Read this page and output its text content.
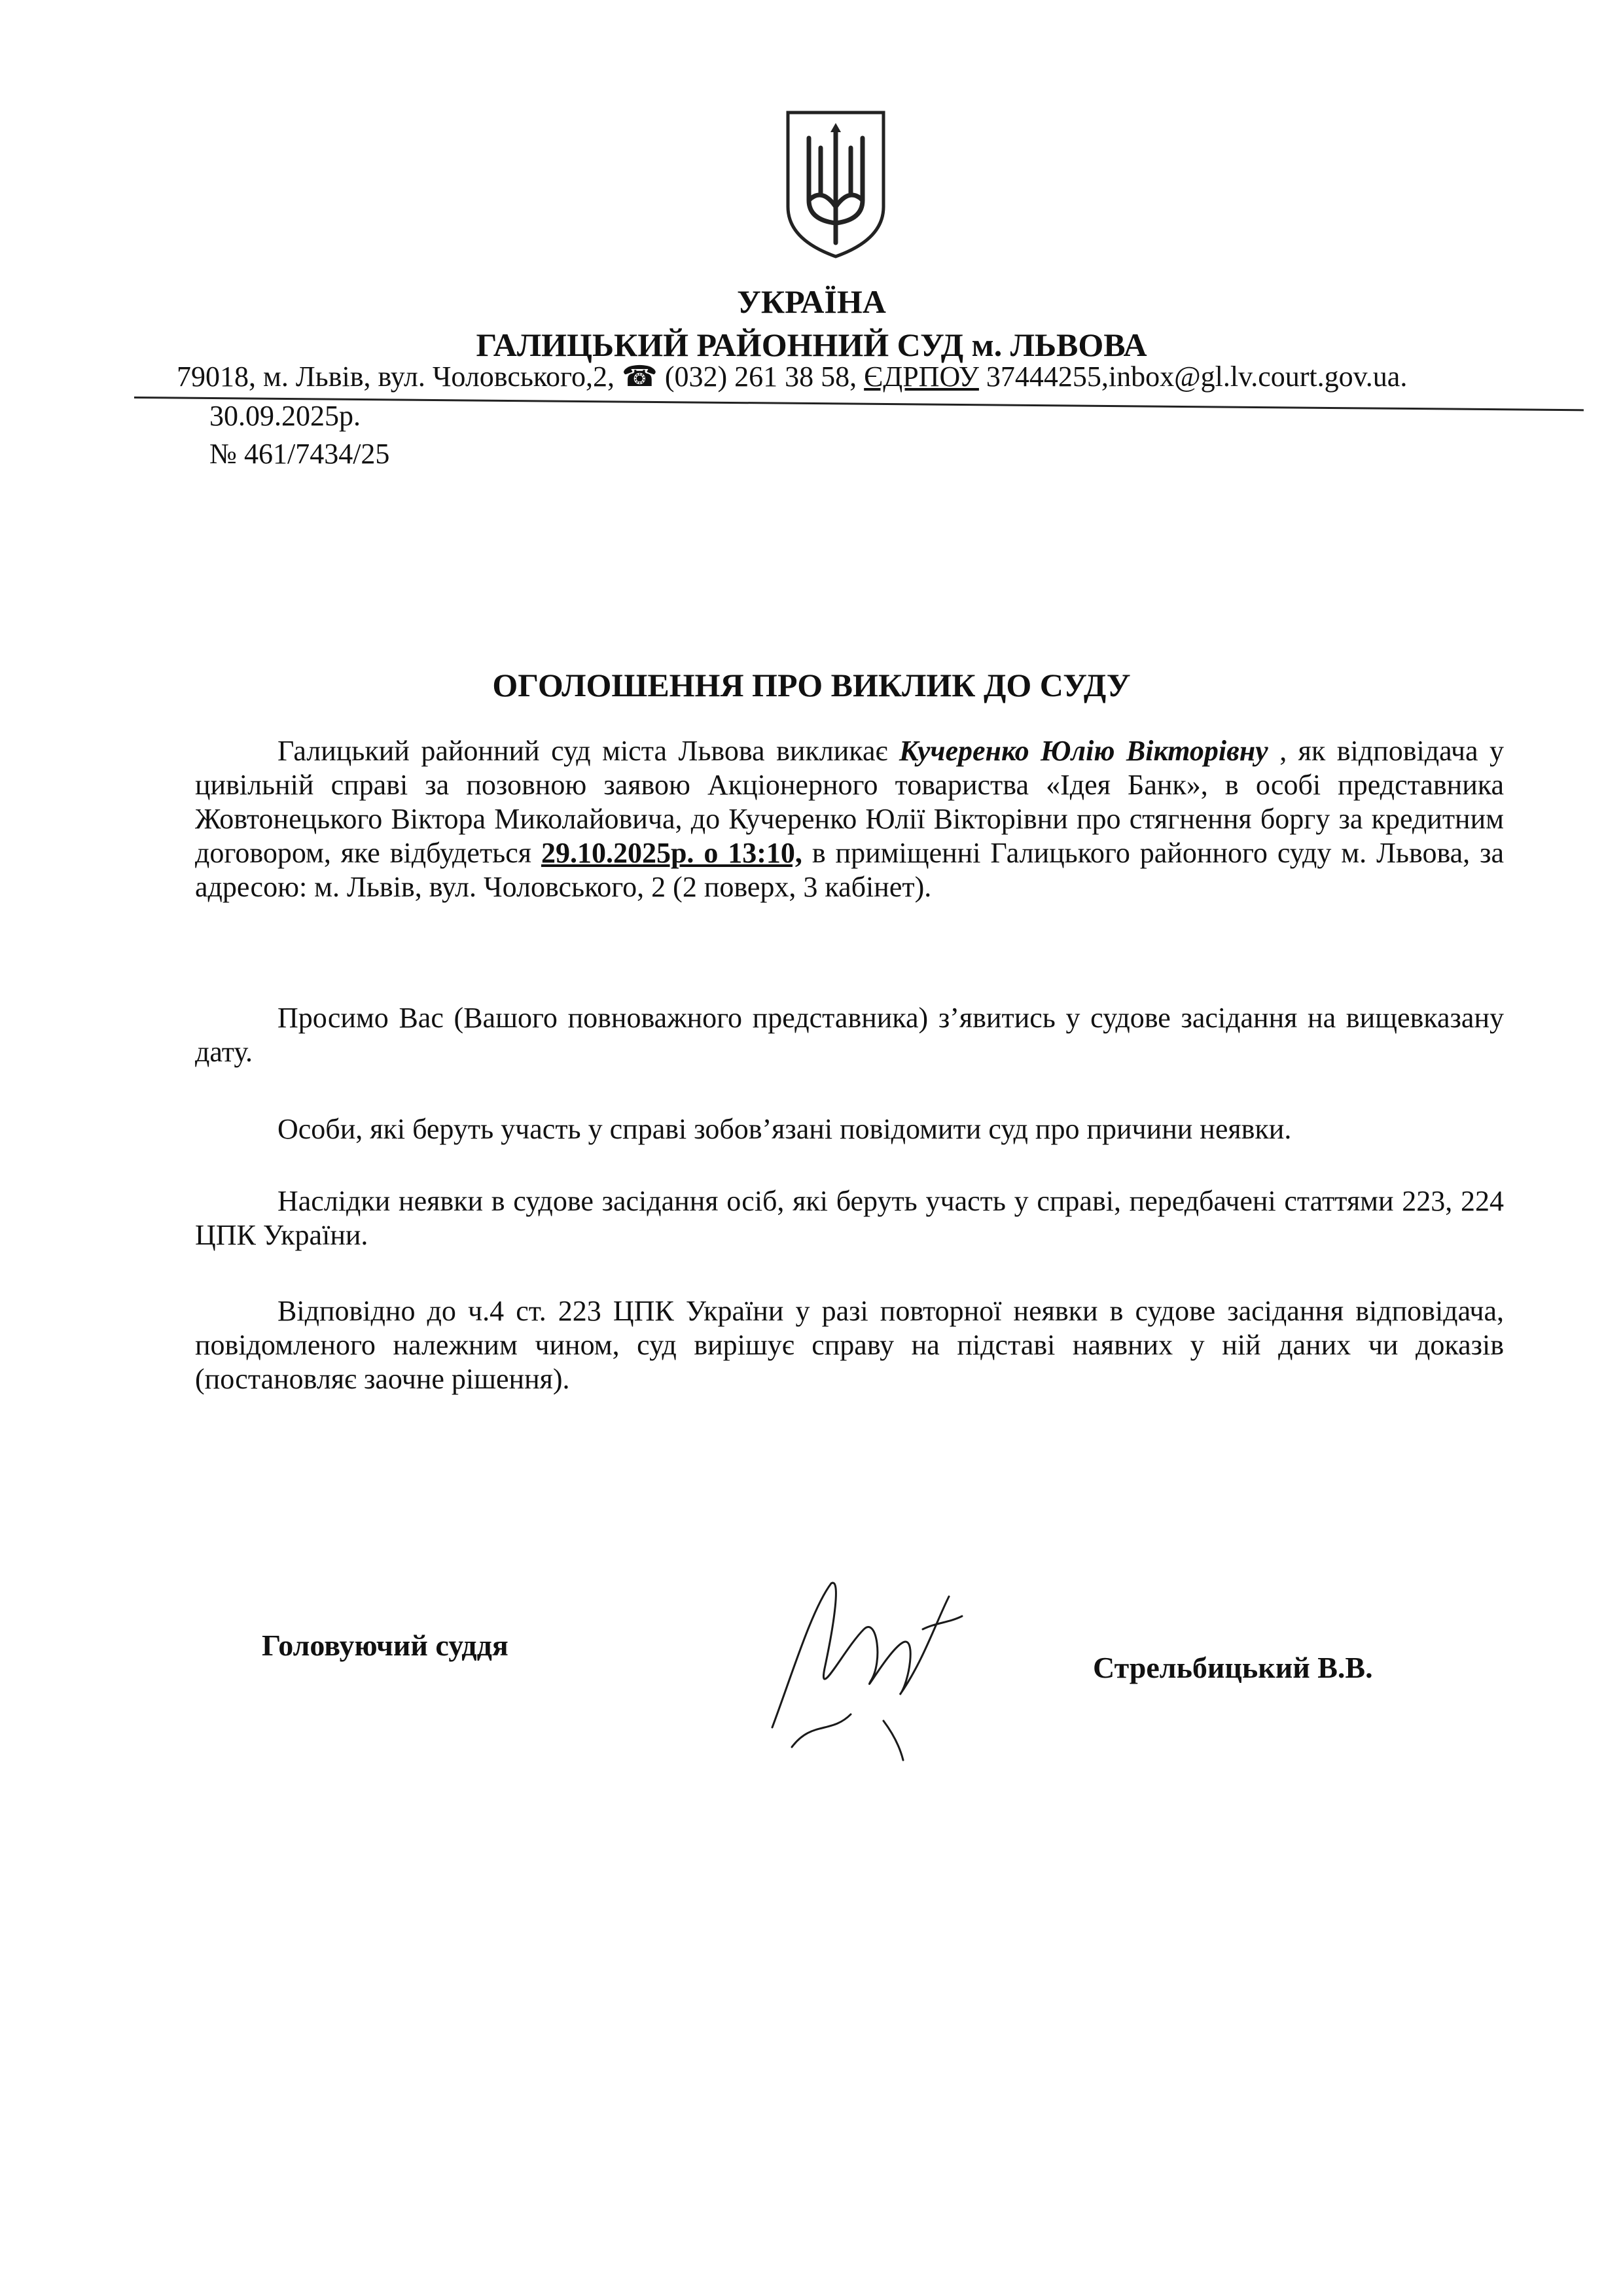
УКРАЇНА
ГАЛИЦЬКИЙ РАЙОННИЙ СУД м. ЛЬВОВА
79018, м. Львів, вул. Чоловського,2, ☎ (032) 261 38 58, ЄДРПОУ 37444255,inbox@gl.lv.court.gov.ua.
30.09.2025р.
№ 461/7434/25
ОГОЛОШЕННЯ ПРО ВИКЛИК ДО СУДУ
Галицький районний суд міста Львова викликає Кучеренко Юлію Вікторівну , як відповідача у цивільній справі за позовною заявою Акціонерного товариства «Ідея Банк», в особі представника Жовтонецького Віктора Миколайовича, до Кучеренко Юлії Вікторівни про стягнення боргу за кредитним договором, яке відбудеться 29.10.2025р. о 13:10, в приміщенні Галицького районного суду м. Львова, за адресою: м. Львів, вул. Чоловського, 2 (2 поверх, 3 кабінет).
Просимо Вас (Вашого повноважного представника) з’явитись у судове засідання на вищевказану дату.
Особи, які беруть участь у справі зобов’язані повідомити суд про причини неявки.
Наслідки неявки в судове засідання осіб, які беруть участь у справі, передбачені статтями 223, 224 ЦПК України.
Відповідно до ч.4 ст. 223 ЦПК України у разі повторної неявки в судове засідання відповідача, повідомленого належним чином, суд вирішує справу на підставі наявних у ній даних чи доказів (постановляє заочне рішення).
Головуючий суддя
Стрельбицький В.В.
